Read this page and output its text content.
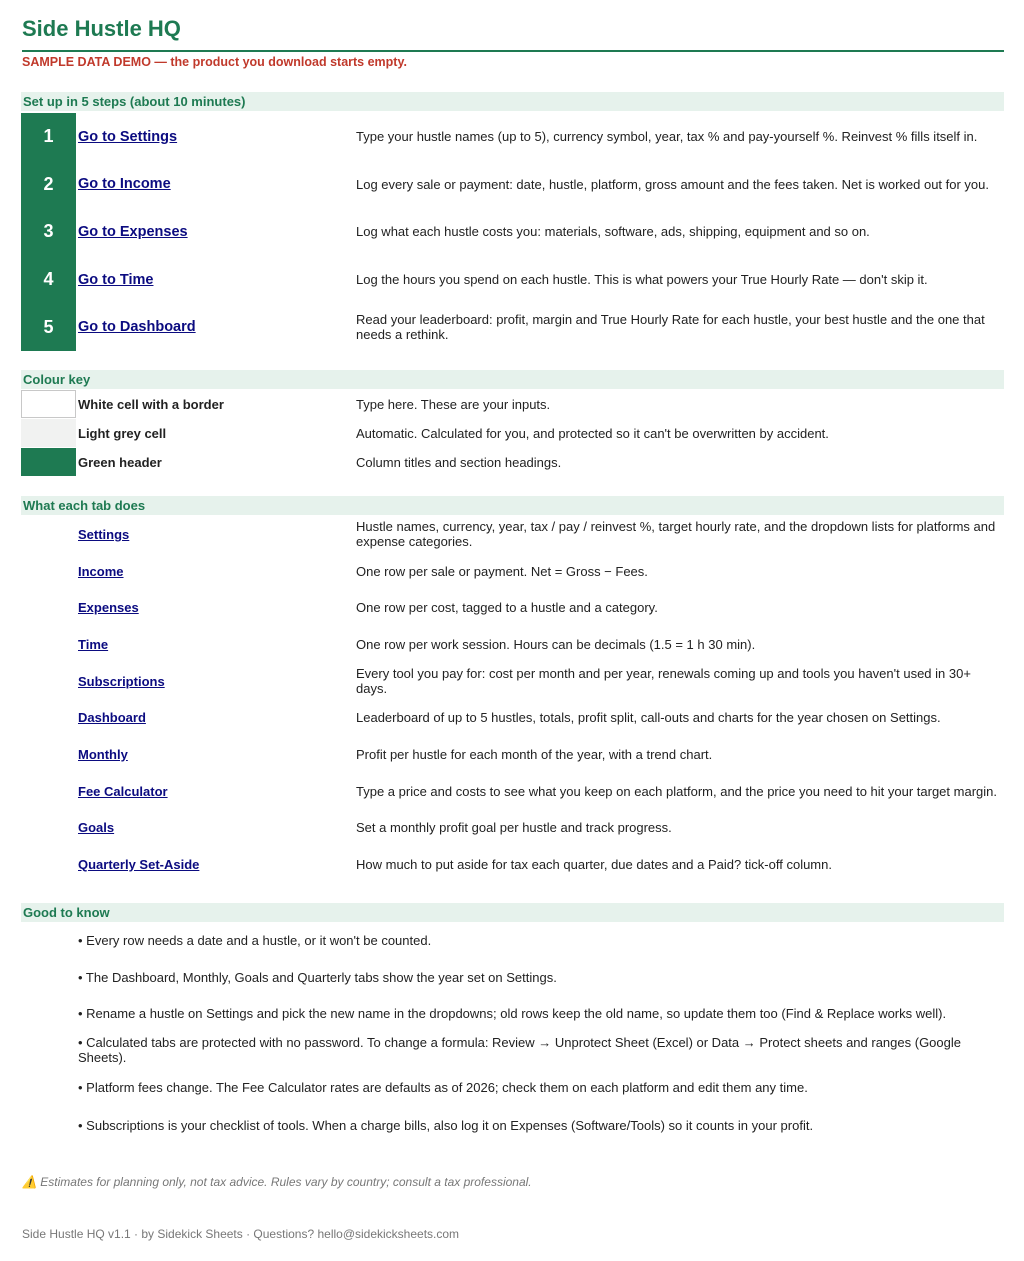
Side Hustle HQ
SAMPLE DATA DEMO — the product you download starts empty.
Set up in 5 steps (about 10 minutes)
1	Go to Settings	Type your hustle names (up to 5), currency symbol, year, tax % and pay-yourself %. Reinvest % fills itself in.
2	Go to Income	Log every sale or payment: date, hustle, platform, gross amount and the fees taken. Net is worked out for you.
3	Go to Expenses	Log what each hustle costs you: materials, software, ads, shipping, equipment and so on.
4	Go to Time	Log the hours you spend on each hustle. This is what powers your True Hourly Rate — don't skip it.
5	Go to Dashboard	Read your leaderboard: profit, margin and True Hourly Rate for each hustle, your best hustle and the one that needs a rethink.
Colour key
White cell with a border	Type here. These are your inputs.
Light grey cell	Automatic. Calculated for you, and protected so it can't be overwritten by accident.
Green header	Column titles and section headings.
What each tab does
Settings	Hustle names, currency, year, tax / pay / reinvest %, target hourly rate, and the dropdown lists for platforms and expense categories.
Income	One row per sale or payment. Net = Gross − Fees.
Expenses	One row per cost, tagged to a hustle and a category.
Time	One row per work session. Hours can be decimals (1.5 = 1 h 30 min).
Subscriptions	Every tool you pay for: cost per month and per year, renewals coming up and tools you haven't used in 30+ days.
Dashboard	Leaderboard of up to 5 hustles, totals, profit split, call-outs and charts for the year chosen on Settings.
Monthly	Profit per hustle for each month of the year, with a trend chart.
Fee Calculator	Type a price and costs to see what you keep on each platform, and the price you need to hit your target margin.
Goals	Set a monthly profit goal per hustle and track progress.
Quarterly Set-Aside	How much to put aside for tax each quarter, due dates and a Paid? tick-off column.
Good to know
• Every row needs a date and a hustle, or it won't be counted.
• The Dashboard, Monthly, Goals and Quarterly tabs show the year set on Settings.
• Rename a hustle on Settings and pick the new name in the dropdowns; old rows keep the old name, so update them too (Find & Replace works well).
• Calculated tabs are protected with no password. To change a formula: Review → Unprotect Sheet (Excel) or Data → Protect sheets and ranges (Google Sheets).
• Platform fees change. The Fee Calculator rates are defaults as of 2026; check them on each platform and edit them any time.
• Subscriptions is your checklist of tools. When a charge bills, also log it on Expenses (Software/Tools) so it counts in your profit.
⚠️ Estimates for planning only, not tax advice. Rules vary by country; consult a tax professional.
Side Hustle HQ v1.1 · by Sidekick Sheets · Questions? hello@sidekicksheets.com
